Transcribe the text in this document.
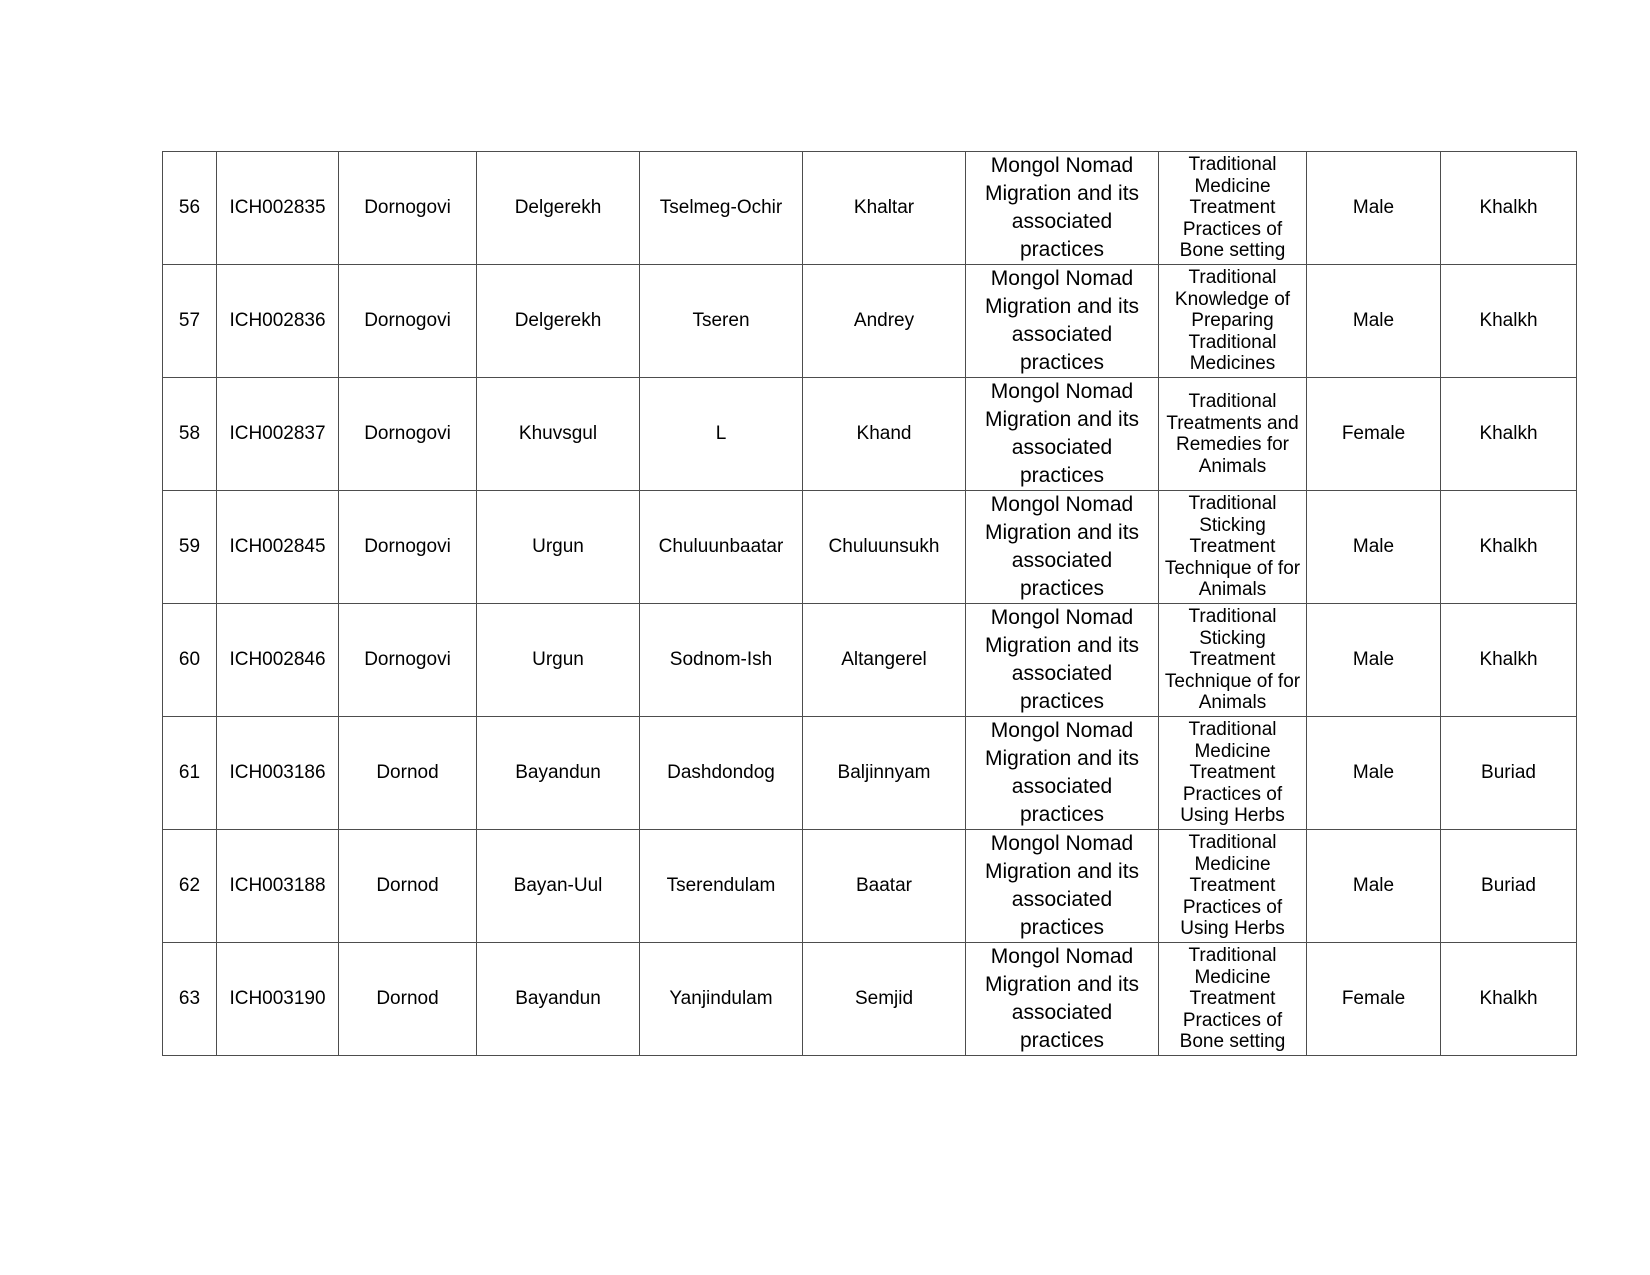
56	ICH002835	Dornogovi	Delgerekh	Tselmeg-Ochir	Khaltar	Mongol Nomad Migration and its associated practices	Traditional Medicine Treatment Practices of Bone setting	Male	Khalkh
57	ICH002836	Dornogovi	Delgerekh	Tseren	Andrey	Mongol Nomad Migration and its associated practices	Traditional Knowledge of Preparing Traditional Medicines	Male	Khalkh
58	ICH002837	Dornogovi	Khuvsgul	L	Khand	Mongol Nomad Migration and its associated practices	Traditional Treatments and Remedies for Animals	Female	Khalkh
59	ICH002845	Dornogovi	Urgun	Chuluunbaatar	Chuluunsukh	Mongol Nomad Migration and its associated practices	Traditional Sticking Treatment Technique of for Animals	Male	Khalkh
60	ICH002846	Dornogovi	Urgun	Sodnom-Ish	Altangerel	Mongol Nomad Migration and its associated practices	Traditional Sticking Treatment Technique of for Animals	Male	Khalkh
61	ICH003186	Dornod	Bayandun	Dashdondog	Baljinnyam	Mongol Nomad Migration and its associated practices	Traditional Medicine Treatment Practices of Using Herbs	Male	Buriad
62	ICH003188	Dornod	Bayan-Uul	Tserendulam	Baatar	Mongol Nomad Migration and its associated practices	Traditional Medicine Treatment Practices of Using Herbs	Male	Buriad
63	ICH003190	Dornod	Bayandun	Yanjindulam	Semjid	Mongol Nomad Migration and its associated practices	Traditional Medicine Treatment Practices of Bone setting	Female	Khalkh
